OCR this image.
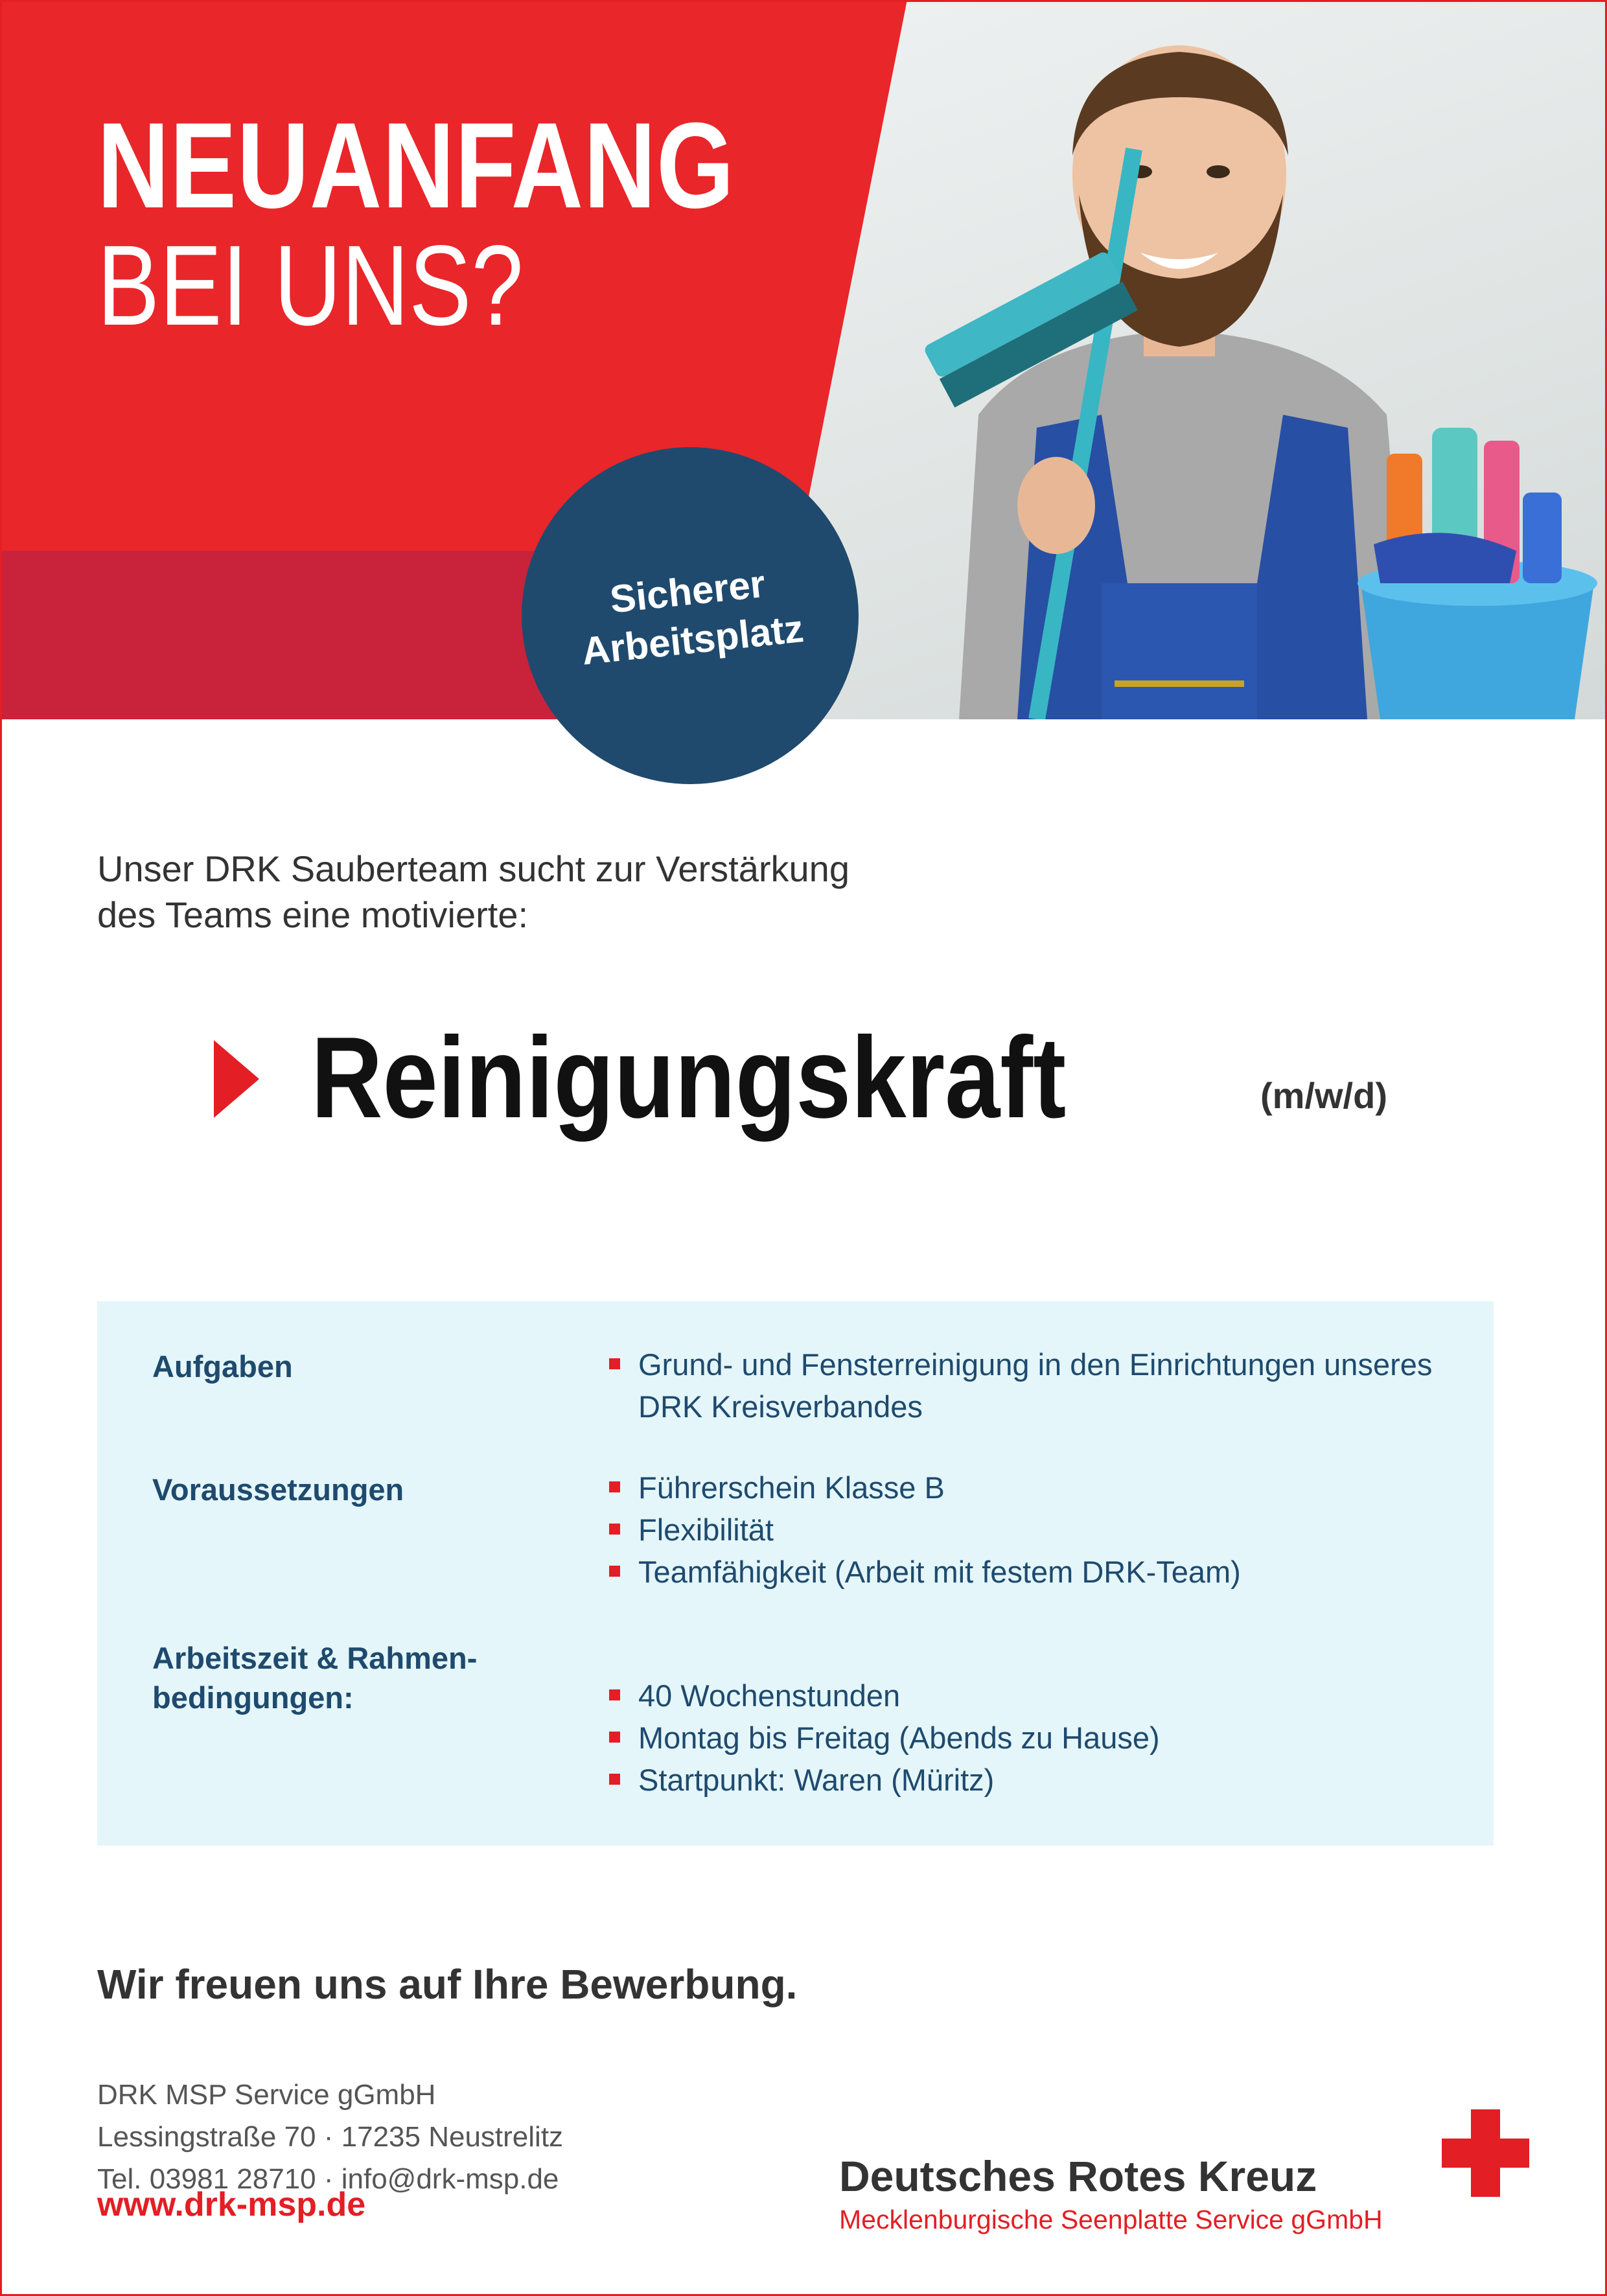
NEUANFANG
BEI UNS?
Sicherer
Arbeitsplatz
Unser DRK Sauberteam sucht zur Verstärkung
des Teams eine motivierte:
Reinigungskraft	(m/w/d)
Aufgaben	Grund- und Fensterreinigung in den Einrichtungen unseres DRK Kreisverbandes
Voraussetzungen	Führerschein Klasse B
Flexibilität
Teamfähigkeit (Arbeit mit festem DRK-Team)
Arbeitszeit & Rahmen-
bedingungen:	40 Wochenstunden
Montag bis Freitag (Abends zu Hause)
Startpunkt: Waren (Müritz)
Wir freuen uns auf Ihre Bewerbung.
DRK MSP Service gGmbH
Lessingstraße 70 · 17235 Neustrelitz
Tel. 03981 28710 · info@drk-msp.de
www.drk-msp.de
Deutsches Rotes Kreuz
Mecklenburgische Seenplatte Service gGmbH
